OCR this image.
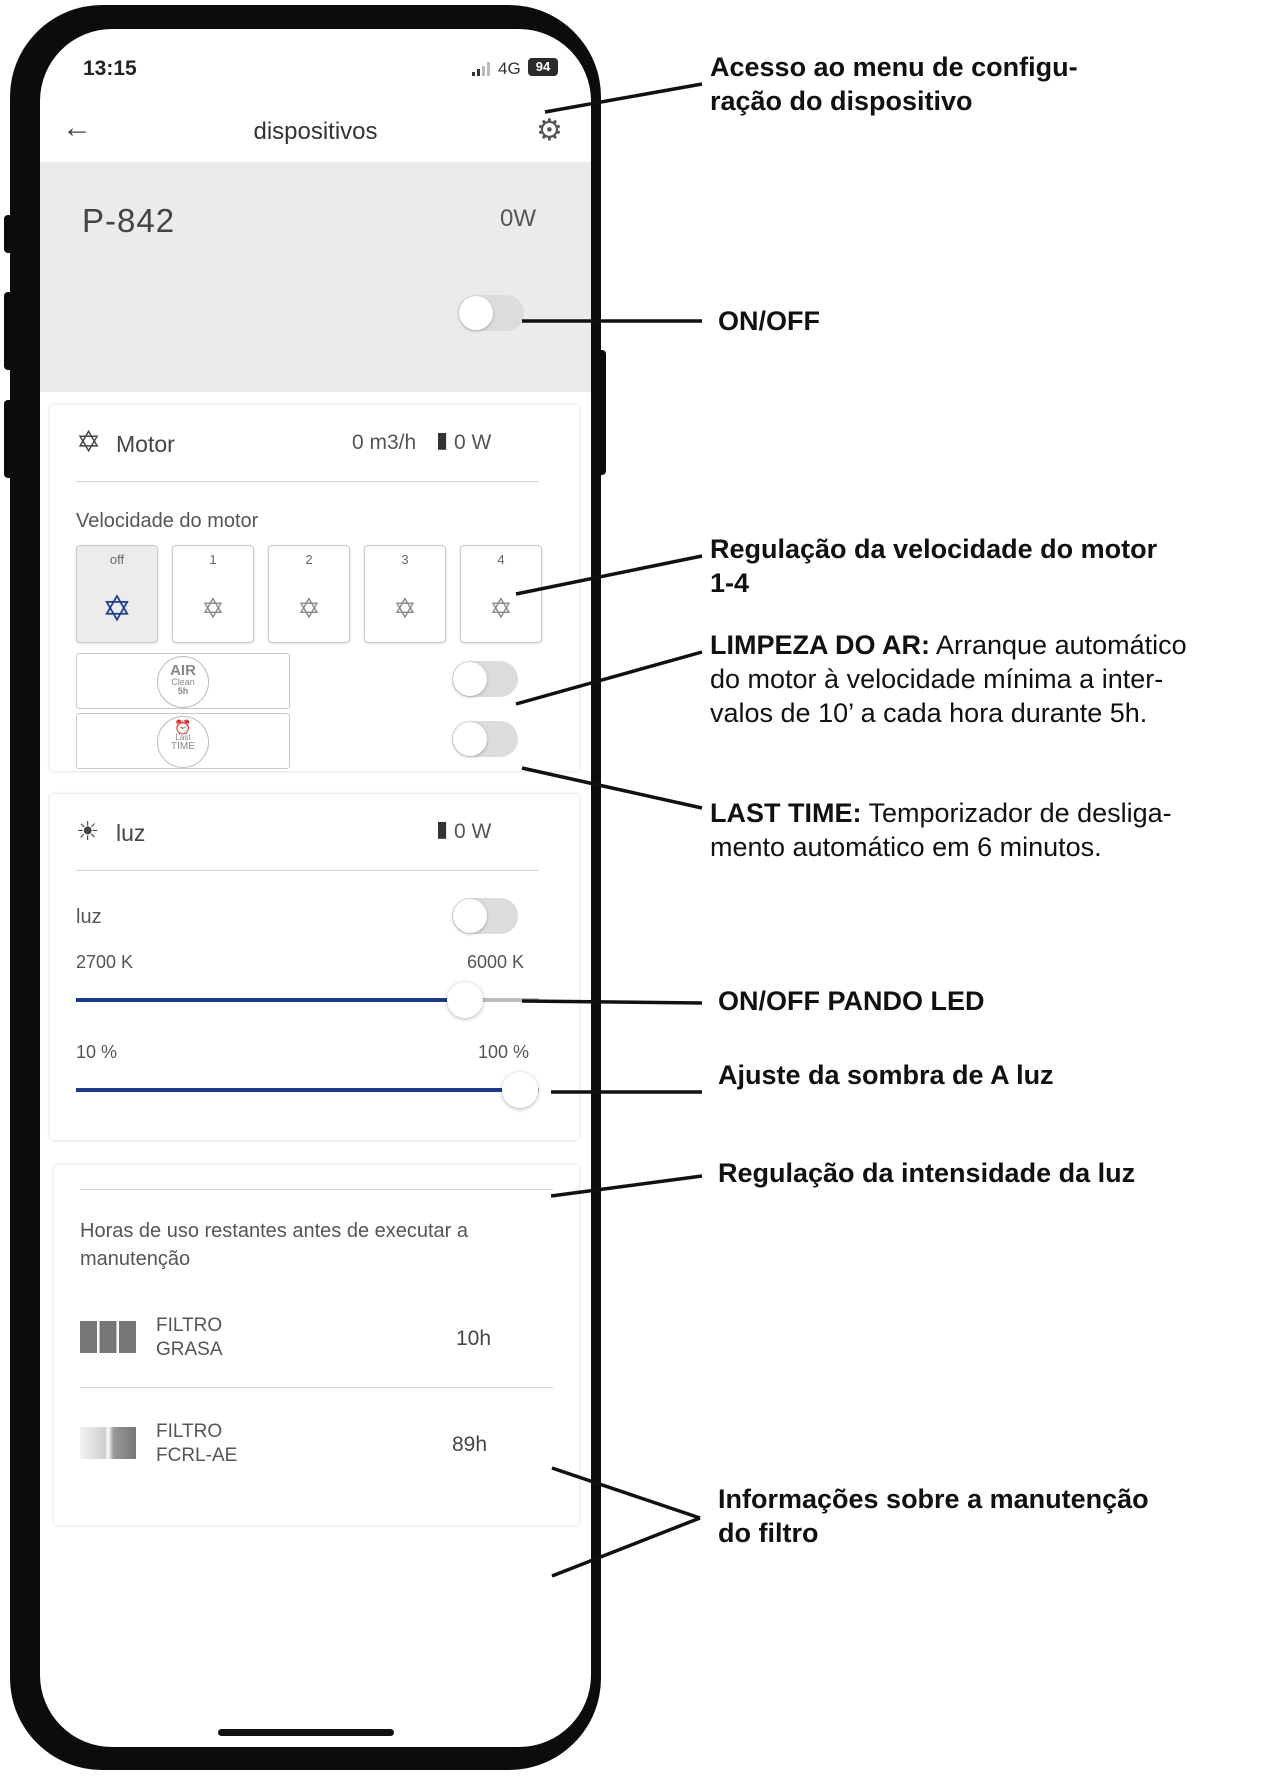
13:15	4G	94
←	dispositivos	⚙
P-842	0W
✡ Motor	0 m3/h ▮ 0 W
Velocidade do motor
off
✡
1
✡
2
✡
3
✡
4
✡
AIR
Clean
5h
⏰
Last
TIME
☀ luz	▮ 0 W
luz
2700 K	6000 K
10 %	100 %
Horas de uso restantes antes de executar a manutenção
FILTRO
GRASA	10h
FILTRO
FCRL-AE	89h
Acesso ao menu de configu-
ração do dispositivo
ON/OFF
Regulação da velocidade do motor
1-4
LIMPEZA DO AR: Arranque automático
do motor à velocidade mínima a inter-
valos de 10’ a cada hora durante 5h.
LAST TIME: Temporizador de desliga-
mento automático em 6 minutos.
ON/OFF PANDO LED
Ajuste da sombra de A luz
Regulação da intensidade da luz
Informações sobre a manutenção
do filtro
